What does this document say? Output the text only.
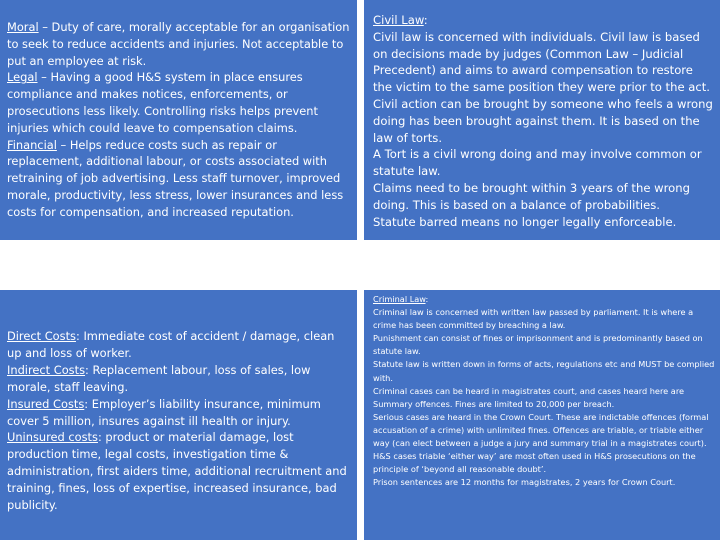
Moral – Duty of care, morally acceptable for an organisation to seek to reduce accidents and injuries. Not acceptable to put an employee at risk.

Legal – Having a good H&S system in place ensures compliance and makes notices, enforcements, or prosecutions less likely. Controlling risks helps prevent injuries which could leave to compensation claims.

Financial – Helps reduce costs such as repair or replacement, additional labour, or costs associated with retraining of job advertising. Less staff turnover, improved morale, productivity, less stress, lower insurances and less costs for compensation, and increased reputation.

Civil Law:

Civil law is concerned with individuals. Civil law is based on decisions made by judges (Common Law – Judicial Precedent) and aims to award compensation to restore the victim to the same position they were prior to the act.

Civil action can be brought by someone who feels a wrong doing has been brought against them. It is based on the law of torts.

A Tort is a civil wrong doing and may involve common or statute law.

Claims need to be brought within 3 years of the wrong doing. This is based on a balance of probabilities.

Statute barred means no longer legally enforceable.

Direct Costs: Immediate cost of accident / damage, clean up and loss of worker.

Indirect Costs: Replacement labour, loss of sales, low morale, staff leaving.

Insured Costs: Employer’s liability insurance, minimum cover 5 million, insures against ill health or injury.

Uninsured costs: product or material damage, lost production time, legal costs, investigation time & administration, first aiders time, additional recruitment and training, fines, loss of expertise, increased insurance, bad publicity.

Criminal Law:

Criminal law is concerned with written law passed by parliament. It is where a crime has been committed by breaching a law.

Punishment can consist of fines or imprisonment and is predominantly based on statute law.

Statute law is written down in forms of acts, regulations etc and MUST be complied with.

Criminal cases can be heard in magistrates court, and cases heard here are Summary offences. Fines are limited to 20,000 per breach.

Serious cases are heard in the Crown Court. These are indictable offences (formal accusation of a crime) with unlimited fines. Offences are triable, or triable either way (can elect between a judge a jury and summary trial in a magistrates court).

H&S cases triable ‘either way’ are most often used in H&S prosecutions on the principle of ‘beyond all reasonable doubt’.

Prison sentences are 12 months for magistrates, 2 years for Crown Court.
